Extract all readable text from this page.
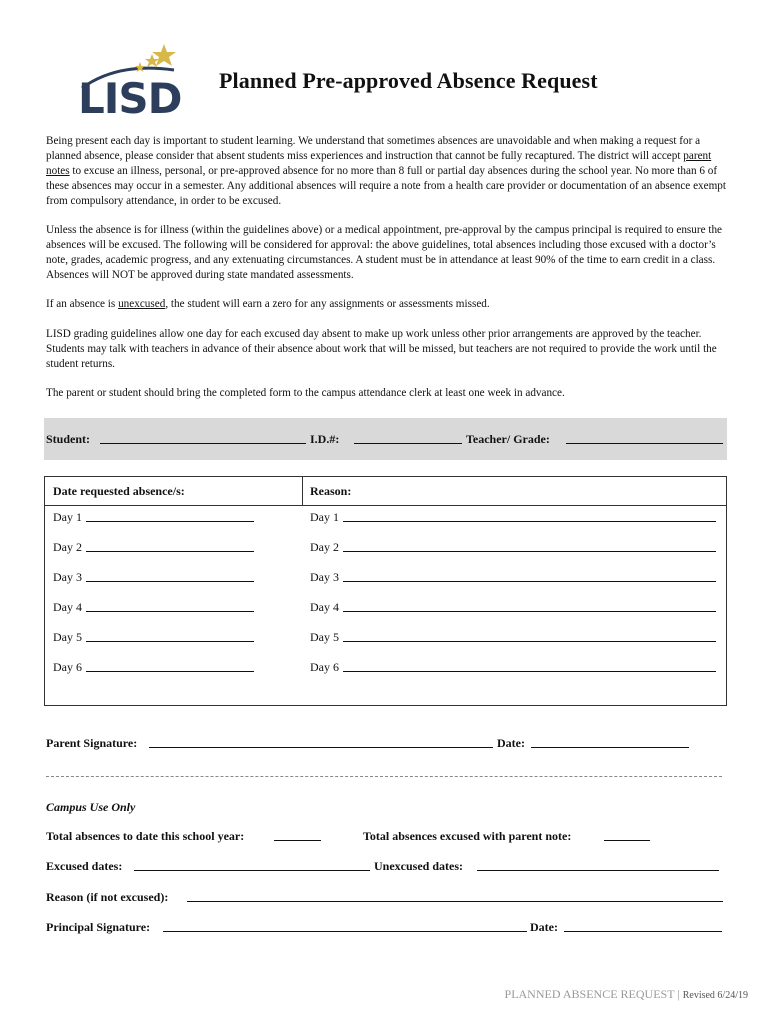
LISD Planned Pre-approved Absence Request

Being present each day is important to student learning. We understand that sometimes absences are unavoidable and when making a request for a planned absence, please consider that absent students miss experiences and instruction that cannot be fully recaptured. The district will accept parent notes to excuse an illness, personal, or pre-approved absence for no more than 8 full or partial day absences during the school year. No more than 6 of these absences may occur in a semester. Any additional absences will require a note from a health care provider or documentation of an absence exempt from compulsory attendance, in order to be excused.

Unless the absence is for illness (within the guidelines above) or a medical appointment, pre-approval by the campus principal is required to ensure the absences will be excused. The following will be considered for approval: the above guidelines, total absences including those excused with a doctor’s note, grades, academic progress, and any extenuating circumstances. A student must be in attendance at least 90% of the time to earn credit in a class. Absences will NOT be approved during state mandated assessments.

If an absence is unexcused, the student will earn a zero for any assignments or assessments missed.

LISD grading guidelines allow one day for each excused day absent to make up work unless other prior arrangements are approved by the teacher. Students may talk with teachers in advance of their absence about work that will be missed, but teachers are not required to provide the work until the student returns.

The parent or student should bring the completed form to the campus attendance clerk at least one week in advance.

Student:	I.D.#:	Teacher/ Grade:
Date requested absence/s:	Reason:
Day 1	Day 1
Day 2	Day 2
Day 3	Day 3
Day 4	Day 4
Day 5	Day 5
Day 6	Day 6
Parent Signature:	Date:
Campus Use Only
Total absences to date this school year:	Total absences excused with parent note:
Excused dates:	Unexcused dates:
Reason (if not excused):
Principal Signature:	Date:
PLANNED ABSENCE REQUEST | Revised 6/24/19
